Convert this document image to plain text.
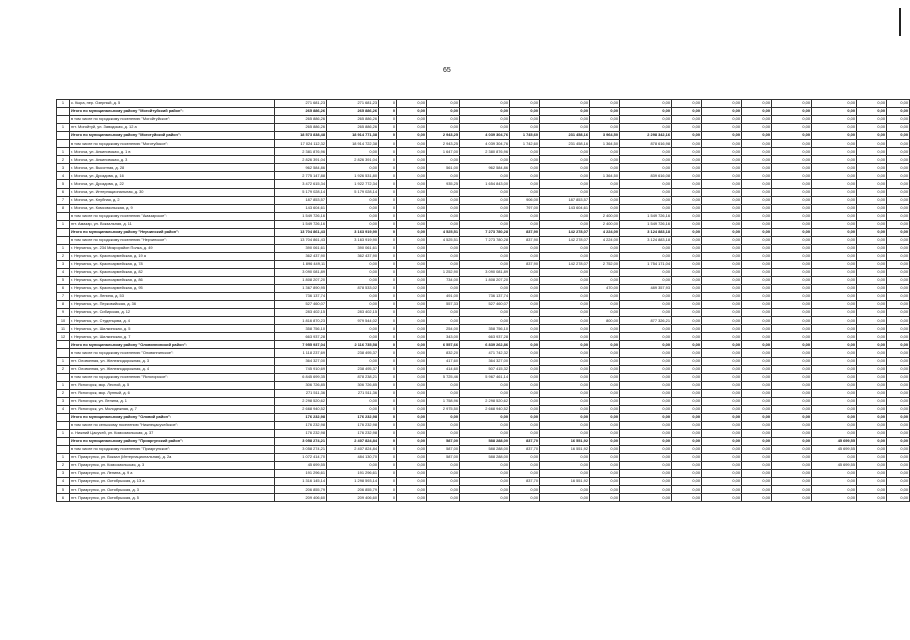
65
1	с. Кыра, пер. Озерный, д. 5	271 681,23	271 681,23	0	0,00	0,00	0,00	0,00	0,00	0,00	0,00	0,00	0,00	0,00	0,00	0,00	0,00	0,00
	Итого по муниципальному району "Могойтуйский район":	265 886,26	265 886,26	0	0,00	0,00	0,00	0,00	0,00	0,00	0,00	0,00	0,00	0,00	0,00	0,00	0,00	0,00
	в том числе по городскому поселению "Могойтуйское":	265 886,26	265 886,26	0	0,00	0,00	0,00	0,00	0,00	0,00	0,00	0,00	0,00	0,00	0,00	0,00	0,00	0,00
1	пгт. Могойтуй, ул. Заводская, д. 12 а	265 886,26	265 886,26	0	0,00	0,00	0,00	0,00	0,00	0,00	0,00	0,00	0,00	0,00	0,00	0,00	0,00	0,00
	Итого по муниципальному району "Моготуйский район":	18 573 838,48	18 914 771,38	0	0,00	2 943,25	4 039 304,76	1 745,60	231 458,16	3 964,50	2 298 342,16	0,00	0,00	0,00	0,00	0,00	0,00	0,00
	в том числе по городскому поселению "Моготуйское":	17 024 112,32	18 914 722,38	0	0,00	2 943,25	4 039 304,76	1 742,60	231 458,16	1 364,50	878 616,98	0,00	0,00	0,00	0,00	0,00	0,00	0,00
1	г. Могоча, ул. Анкиновская, д. 1 в	2 381 876,96	0,00	0	0,00	1 647,00	2 380 876,96	0,00	0,00	0,00	0,00	0,00	0,00	0,00	0,00	0,00	0,00	0,00
2	г. Могоча, ул. Анкиновская, д. 3	2 826 391,04	2 826 391,04	0	0,00	0,00	0,00	0,00	0,00	0,00	0,00	0,00	0,00	0,00	0,00	0,00	0,00	0,00
3	г. Могоча, ул. Высотная, д. 28	962 584,86	0,00	0	0,00	561,00	962 584,86	0,00	0,00	0,00	0,00	0,00	0,00	0,00	0,00	0,00	0,00	0,00
4	г. Могоча, ул. Дроздова, д. 16	2 775 147,88	1 926 531,80	0	0,00	0,00	0,00	0,00	0,00	1 364,50	839 616,08	0,00	0,00	0,00	0,00	0,00	0,00	0,00
5	г. Могоча, ул. Дроздова, д. 22	3 472 615,34	1 922 772,34	0	0,00	935,25	1 654 843,00	0,00	0,00	0,00	0,00	0,00	0,00	0,00	0,00	0,00	0,00	0,00
6	г. Могоча, ул. Интернациональная, д. 30	5 179 028,14	5 179 028,14	0	0,00	0,00	0,00	0,00	0,00	0,00	0,00	0,00	0,00	0,00	0,00	0,00	0,00	0,00
7	г. Могоча, ул. Клубная, д. 2	187 853,57	0,00	0	0,00	0,00	0,00	906,00	187 853,57	0,00	0,00	0,00	0,00	0,00	0,00	0,00	0,00	0,00
8	г. Могоча, ул. Комсомольская, д. 9	143 604,61	0,00	0	0,00	0,00	0,00	797,00	143 604,61	0,00	0,00	0,00	0,00	0,00	0,00	0,00	0,00	0,00
	в том числе по городскому поселению "Амазарское":	1 549 726,16	0,00	0	0,00	0,00	0,00	0,00	0,00	2 400,00	1 549 726,16	0,00	0,00	0,00	0,00	0,00	0,00	0,00
1	пгт. Амазар, ул. Вокзальная, д. 11	1 549 726,16	0,00	0	0,00	0,00	0,00	0,00	0,00	2 400,00	1 549 726,16	0,00	0,00	0,00	0,00	0,00	0,00	0,00
	Итого по муниципальному району "Нерчинский район":	13 704 861,43	3 163 919,90	0	0,00	4 525,51	7 273 780,28	837,90	142 278,07	4 224,00	3 124 883,18	0,00	0,00	0,00	0,00	0,00	0,00	0,00
	в том числе по городскому поселению "Нерчинское":	13 704 861,43	3 163 919,90	0	0,00	4 525,51	7 273 780,28	837,90	142 278,07	4 224,00	3 124 883,18	0,00	0,00	0,00	0,00	0,00	0,00	0,00
1	г. Нерчинск, ул. 234 Микрорайон Полка, д. 49	390 061,61	390 061,61	0	0,00	0,00	0,00	0,00	0,00	0,00	0,00	0,00	0,00	0,00	0,00	0,00	0,00	0,00
2	г. Нерчинск, ул. Красноармейская, д. 19 а	362 437,90	362 437,90	0	0,00	0,00	0,00	0,00	0,00	0,00	0,00	0,00	0,00	0,00	0,00	0,00	0,00	0,00
3	г. Нерчинск, ул. Красноармейская, д. 78	1 896 449,11	0,00	0	0,00	0,00	0,00	837,90	142 278,07	2 752,00	1 754 171,04	0,00	0,00	0,00	0,00	0,00	0,00	0,00
4	г. Нерчинск, ул. Красноармейская, д. 82	3 090 081,89	0,00	0	0,00	1 252,90	3 090 081,89	0,00	0,00	0,00	0,00	0,00	0,00	0,00	0,00	0,00	0,00	0,00
5	г. Нерчинск, ул. Красноармейская, д. 86	1 808 207,20	0,00	0	0,00	734,00	1 808 207,20	0,00	0,00	0,00	0,00	0,00	0,00	0,00	0,00	0,00	0,00	0,00
6	г. Нерчинск, ул. Красноармейская, д. 95	1 367 890,95	878 533,02	0	0,00	0,00	0,00	0,00	0,00	470,00	489 357,93	0,00	0,00	0,00	0,00	0,00	0,00	0,00
7	г. Нерчинск, ул. Ленина, д. 53	736 137,74	0,00	0	0,00	491,00	736 137,74	0,00	0,00	0,00	0,00	0,00	0,00	0,00	0,00	0,00	0,00	0,00
8	г. Нерчинск, ул. Перковийская, д. 36	527 460,07	0,00	0	0,00	557,33	527 460,07	0,00	0,00	0,00	0,00	0,00	0,00	0,00	0,00	0,00	0,00	0,00
9	г. Нерчинск, ул. Сибирская, д. 12	283 402,15	283 402,15	0	0,00	0,00	0,00	0,00	0,00	0,00	0,00	0,00	0,00	0,00	0,00	0,00	0,00	0,00
10	г. Нерчинск, ул. Студенцова, д. 4	1 816 870,23	979 544,02	0	0,00	0,00	0,00	0,00	0,00	800,00	877 326,21	0,00	0,00	0,00	0,00	0,00	0,00	0,00
11	г. Нерчинск, ул. Шилкинская, д. 5	358 756,10	0,00	0	0,00	254,00	358 756,10	0,00	0,00	0,00	0,00	0,00	0,00	0,00	0,00	0,00	0,00	0,00
12	г. Нерчинск, ул. Шилкинская, д. 7	663 937,28	0,00	0	0,00	343,00	663 937,28	0,00	0,00	0,00	0,00	0,00	0,00	0,00	0,00	0,00	0,00	0,00
	Итого по муниципальному району "Оловяннинский район":	7 955 937,04	2 116 735,58	0	0,00	6 557,66	6 839 262,86	0,00	0,00	0,00	0,00	0,00	0,00	0,00	0,00	0,00	0,00	0,00
	в том числе по городскому поселению "Оловяннинское":	1 118 237,69	238 495,37	0	0,00	832,20	471 742,32	0,00	0,00	0,00	0,00	0,00	0,00	0,00	0,00	0,00	0,00	0,00
1	пгт. Оловянная, ул. Железнодорожная, д. 3	364 327,00	0,00	0	0,00	417,60	364 327,00	0,00	0,00	0,00	0,00	0,00	0,00	0,00	0,00	0,00	0,00	0,00
2	пгт. Оловянная, ул. Железнодорожная, д. 4	745 910,69	238 495,37	0	0,00	414,60	507 415,32	0,00	0,00	0,00	0,00	0,00	0,00	0,00	0,00	0,00	0,00	0,00
	в том числе по городскому поселению "Ясногорское":	6 845 699,35	878 238,21	0	0,00	5 725,46	5 967 461,14	0,00	0,00	0,00	0,00	0,00	0,00	0,00	0,00	0,00	0,00	0,00
1	пгт. Ясногорск, мкр. Лесной, д. 5	306 726,85	306 726,85	0	0,00	0,00	0,00	0,00	0,00	0,00	0,00	0,00	0,00	0,00	0,00	0,00	0,00	0,00
2	пгт. Ясногорск, мкр. Лунный, д. 6	271 511,36	271 511,36	0	0,00	0,00	0,00	0,00	0,00	0,00	0,00	0,00	0,00	0,00	0,00	0,00	0,00	0,00
3	пгт. Ясногорск, ул. Ленина, д. 1	2 298 520,62	0,00	0	0,00	1 758,96	2 298 520,62	0,00	0,00	0,00	0,00	0,00	0,00	0,00	0,00	0,00	0,00	0,00
4	пгт. Ясногорск, ул. Молодежная, д. 7	2 668 940,52	0,00	0	0,00	2 975,50	2 668 940,52	0,00	0,00	0,00	0,00	0,00	0,00	0,00	0,00	0,00	0,00	0,00
	Итого по муниципальному району "Оловий район":	176 232,98	176 232,98	0	0,00	0,00	0,00	0,00	0,00	0,00	0,00	0,00	0,00	0,00	0,00	0,00	0,00	0,00
	в том числе по сельскому поселению "Нижнецасучейское":	176 232,98	176 232,98	0	0,00	0,00	0,00	0,00	0,00	0,00	0,00	0,00	0,00	0,00	0,00	0,00	0,00	0,00
1	с. Нижний Цасучей, ул. Комсомольская, д. 37	176 232,98	176 232,98	0	0,00	0,00	0,00	0,00	0,00	0,00	0,00	0,00	0,00	0,00	0,00	0,00	0,00	0,00
	Итого по муниципальному району "Приаргунский район":	3 058 274,21	2 407 824,84	0	0,00	587,00	588 288,00	837,70	16 551,92	0,00	0,00	0,00	0,00	0,00	0,00	45 699,55	0,00	0,00
	в том числе по городскому поселению "Приаргунское":	3 058 274,21	2 407 824,84	0	0,00	587,00	588 288,00	837,70	16 551,92	0,00	0,00	0,00	0,00	0,00	0,00	45 699,55	0,00	0,00
1	пгт. Приаргунск, ул. Вокзал (Интернациональная), д. 2а	1 072 414,70	484 130,70	0	0,00	587,00	588 288,00	0,00	0,00	0,00	0,00	0,00	0,00	0,00	0,00	0,00	0,00	0,00
2	пгт. Приаргунск, ул. Комсомольская, д. 3	45 699,55	0,00	0	0,00	0,00	0,00	0,00	0,00	0,00	0,00	0,00	0,00	0,00	0,00	45 699,55	0,00	0,00
3	пгт. Приаргунск, ул. Ленина, д. 9 а	191 296,61	191 296,61	0	0,00	0,00	0,00	0,00	0,00	0,00	0,00	0,00	0,00	0,00	0,00	0,00	0,00	0,00
4	пгт. Приаргунск, ул. Октябрьская, д. 13 а	1 316 145,14	1 298 593,14	0	0,00	0,00	0,00	837,70	16 551,92	0,00	0,00	0,00	0,00	0,00	0,00	0,00	0,00	0,00
5	пгт. Приаргунск, ул. Октябрьская, д. 3	206 855,79	206 855,79	0	0,00	0,00	0,00	0,00	0,00	0,00	0,00	0,00	0,00	0,00	0,00	0,00	0,00	0,00
6	пгт. Приаргунск, ул. Октябрьская, д. 5	209 406,60	209 406,60	0	0,00	0,00	0,00	0,00	0,00	0,00	0,00	0,00	0,00	0,00	0,00	0,00	0,00	0,00
